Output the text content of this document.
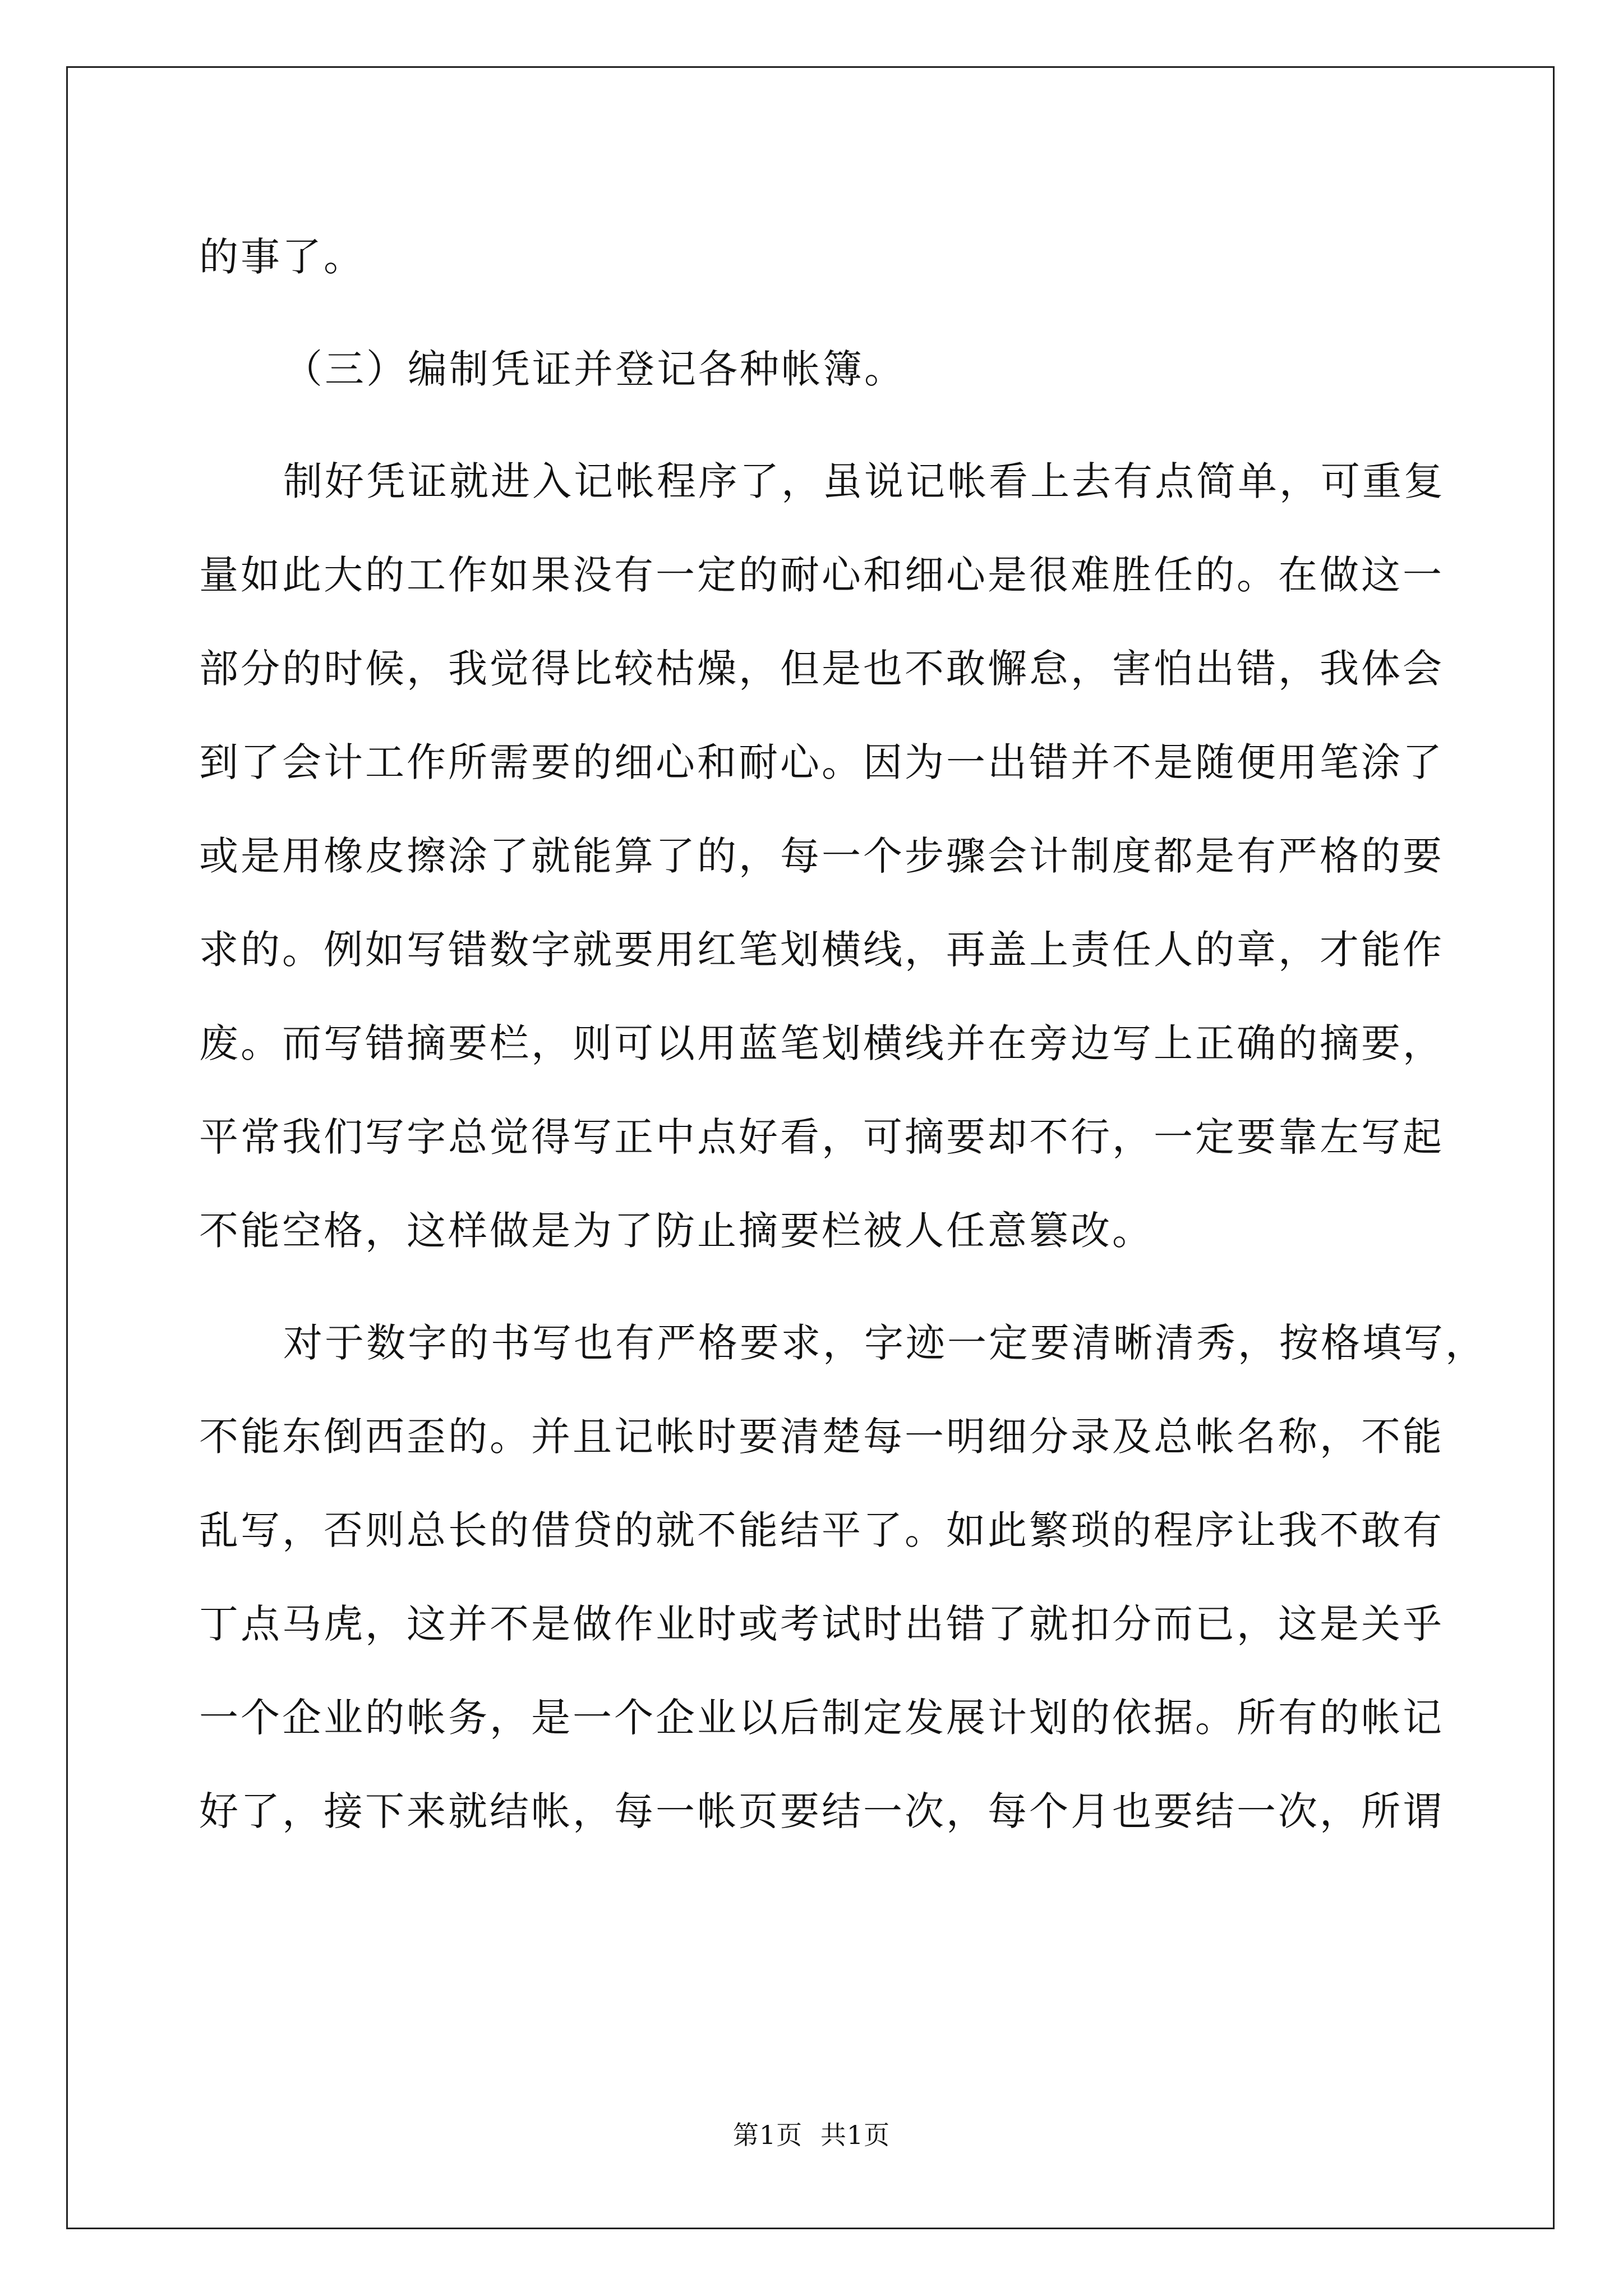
的事了。
（三）编制凭证并登记各种帐簿。
制好凭证就进入记帐程序了，虽说记帐看上去有点简单，可重复
量如此大的工作如果没有一定的耐心和细心是很难胜任的。在做这一
部分的时候，我觉得比较枯燥，但是也不敢懈怠，害怕出错，我体会
到了会计工作所需要的细心和耐心。因为一出错并不是随便用笔涂了
或是用橡皮擦涂了就能算了的，每一个步骤会计制度都是有严格的要
求的。例如写错数字就要用红笔划横线，再盖上责任人的章，才能作
废。而写错摘要栏，则可以用蓝笔划横线并在旁边写上正确的摘要，
平常我们写字总觉得写正中点好看，可摘要却不行，一定要靠左写起
不能空格，这样做是为了防止摘要栏被人任意篡改。
对于数字的书写也有严格要求，字迹一定要清晰清秀，按格填写，
不能东倒西歪的。并且记帐时要清楚每一明细分录及总帐名称，不能
乱写，否则总长的借贷的就不能结平了。如此繁琐的程序让我不敢有
丁点马虎，这并不是做作业时或考试时出错了就扣分而已，这是关乎
一个企业的帐务，是一个企业以后制定发展计划的依据。所有的帐记
好了，接下来就结帐，每一帐页要结一次，每个月也要结一次，所谓
第1页 共1页
